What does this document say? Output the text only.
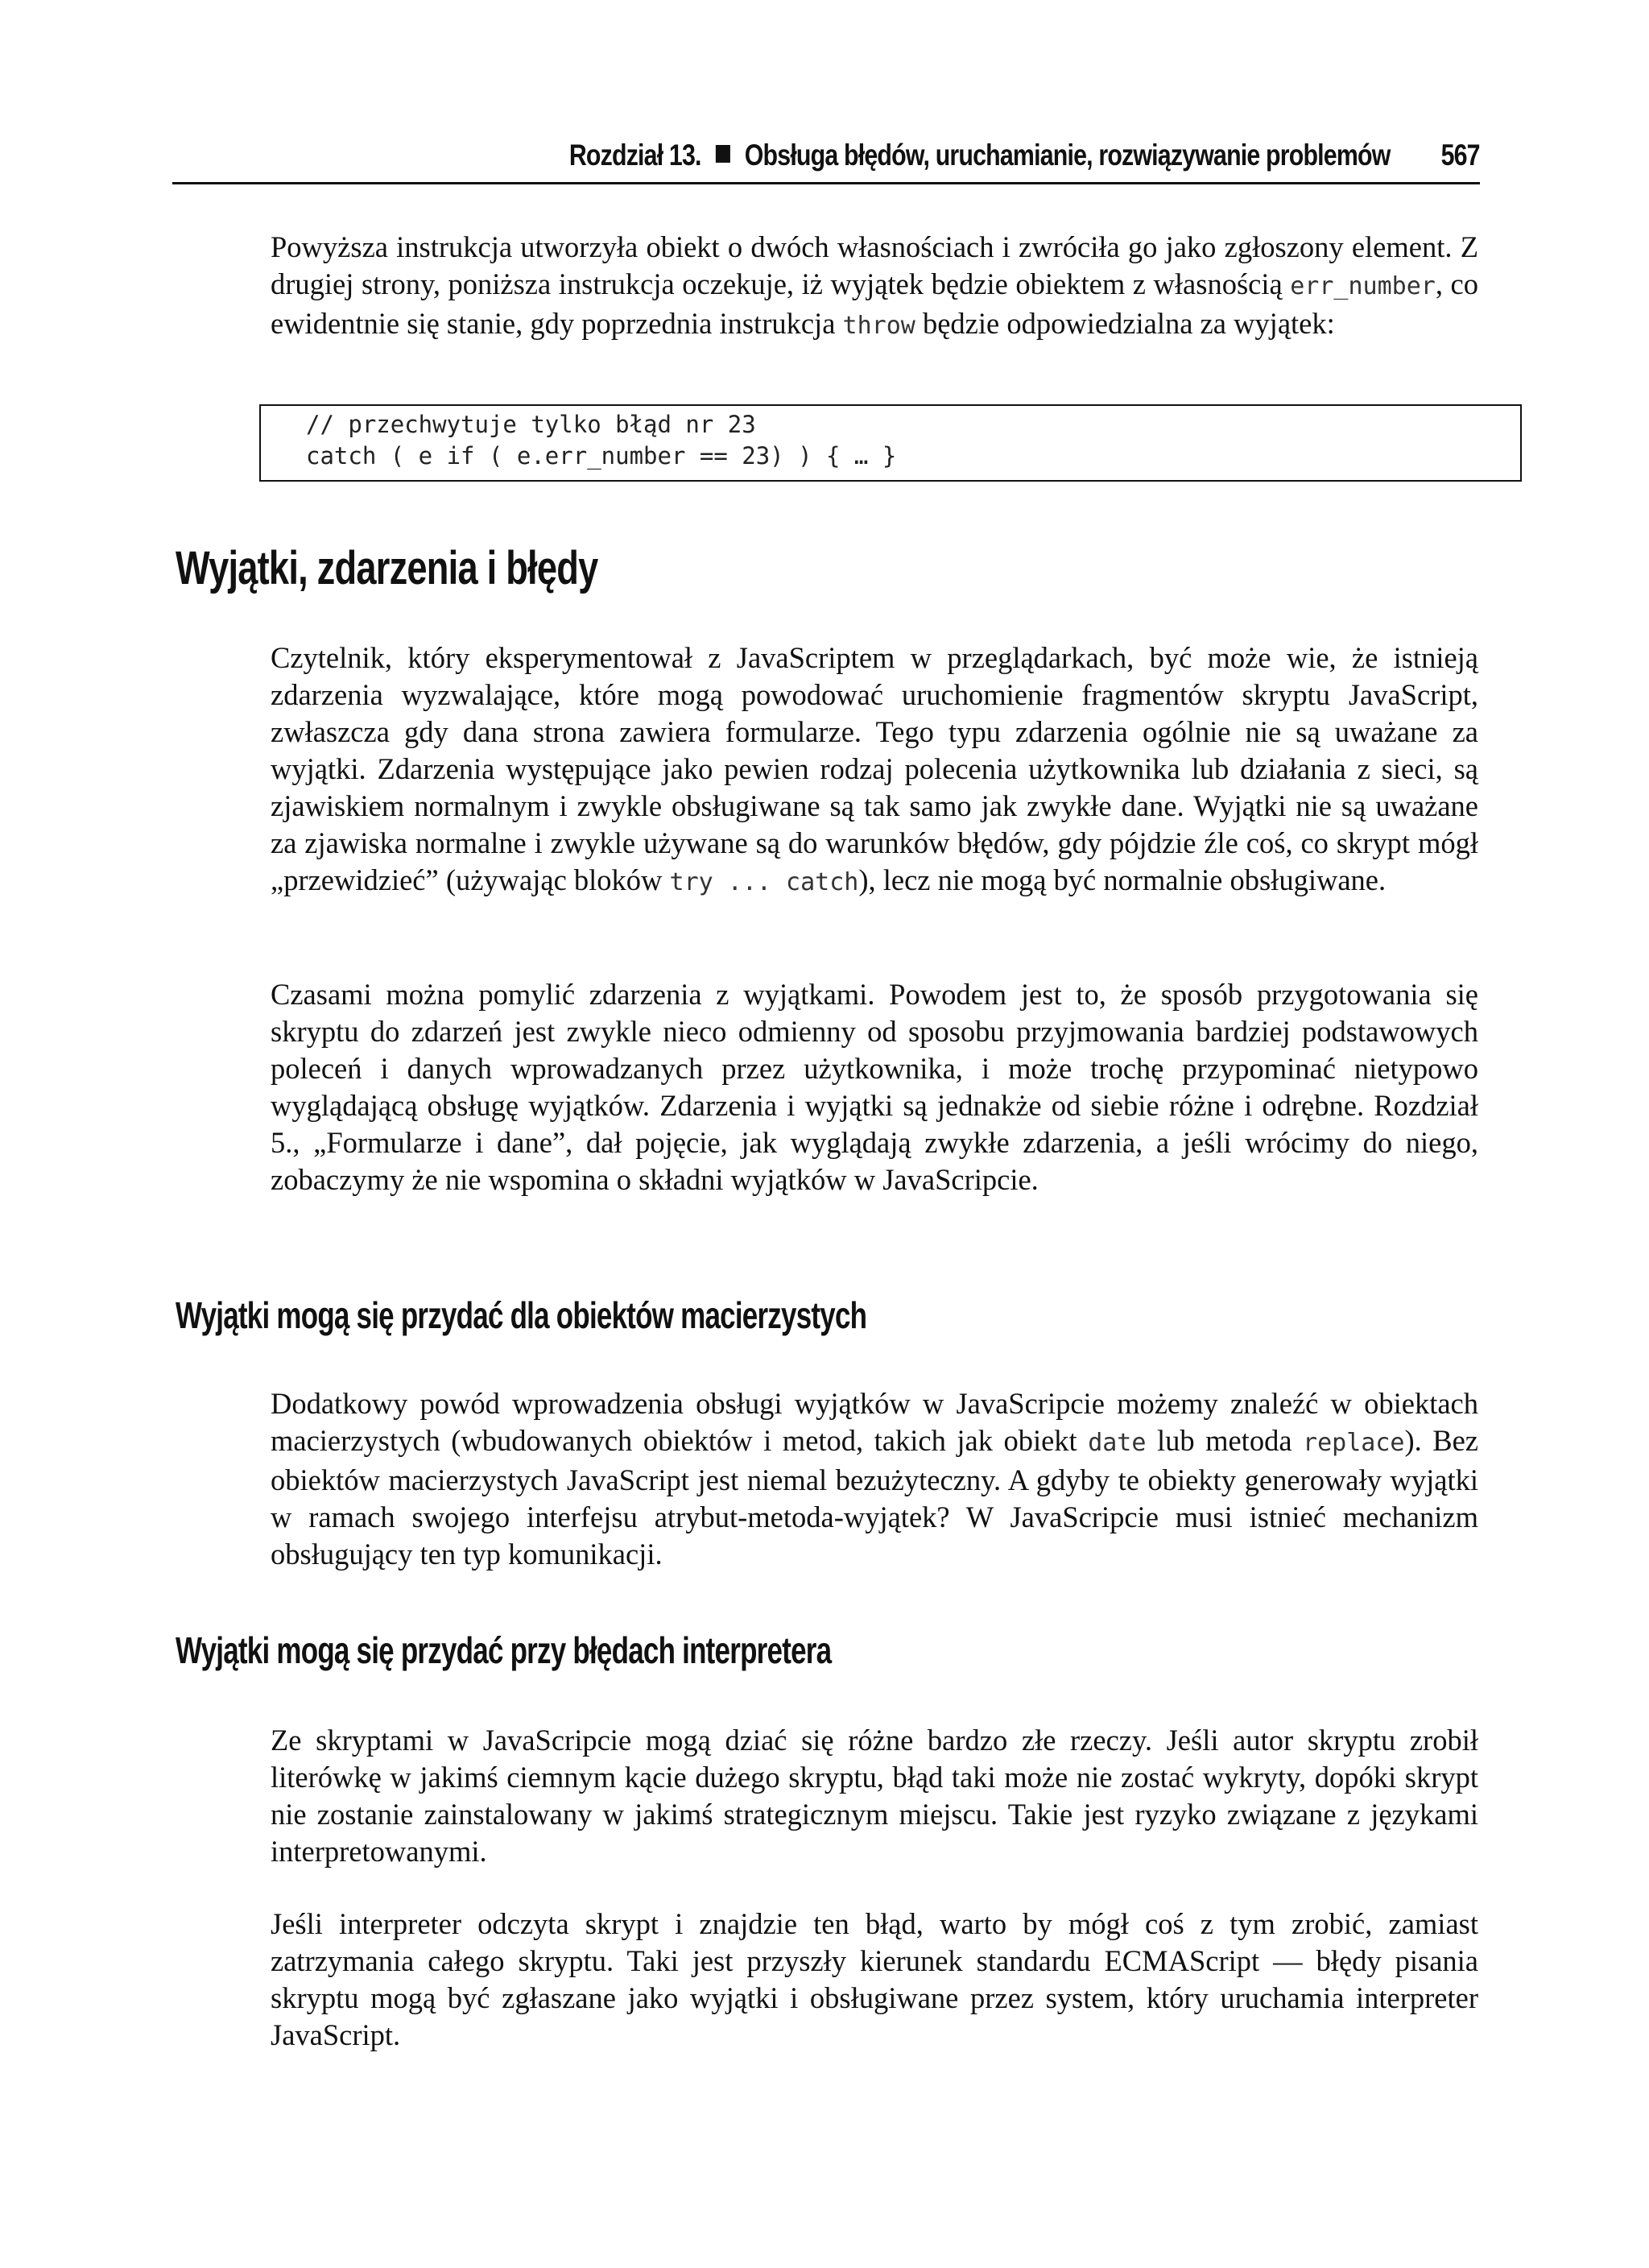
Rozdział 13. Obsługa błędów, uruchamianie, rozwiązywanie problemów 567

Powyższa instrukcja utworzyła obiekt o dwóch własnościach i zwróciła go jako zgłoszony element. Z drugiej strony, poniższa instrukcja oczekuje, iż wyjątek będzie obiektem z własnością err_number, co ewidentnie się stanie, gdy poprzednia instrukcja throw będzie odpowiedzialna za wyjątek:

// przechwytuje tylko błąd nr 23
catch ( e if ( e.err_number == 23) ) { … }
Wyjątki, zdarzenia i błędy

Czytelnik, który eksperymentował z JavaScriptem w przeglądarkach, być może wie, że istnieją zdarzenia wyzwalające, które mogą powodować uruchomienie fragmentów skryptu JavaScript, zwłaszcza gdy dana strona zawiera formularze. Tego typu zdarzenia ogólnie nie są uważane za wyjątki. Zdarzenia występujące jako pewien rodzaj polecenia użytkownika lub działania z sieci, są zjawiskiem normalnym i zwykle obsługiwane są tak samo jak zwykłe dane. Wyjątki nie są uważane za zjawiska normalne i zwykle używane są do warunków błędów, gdy pójdzie źle coś, co skrypt mógł „przewidzieć” (używając bloków try ... catch), lecz nie mogą być normalnie obsługiwane.

Czasami można pomylić zdarzenia z wyjątkami. Powodem jest to, że sposób przygotowania się skryptu do zdarzeń jest zwykle nieco odmienny od sposobu przyjmowania bardziej podstawowych poleceń i danych wprowadzanych przez użytkownika, i może trochę przypominać nietypowo wyglądającą obsługę wyjątków. Zdarzenia i wyjątki są jednakże od siebie różne i odrębne. Rozdział 5., „Formularze i dane”, dał pojęcie, jak wyglądają zwykłe zdarzenia, a jeśli wrócimy do niego, zobaczymy że nie wspomina o składni wyjątków w JavaScripcie.

Wyjątki mogą się przydać dla obiektów macierzystych

Dodatkowy powód wprowadzenia obsługi wyjątków w JavaScripcie możemy znaleźć w obiektach macierzystych (wbudowanych obiektów i metod, takich jak obiekt date lub metoda replace). Bez obiektów macierzystych JavaScript jest niemal bezużyteczny. A gdyby te obiekty generowały wyjątki w ramach swojego interfejsu atrybut-metoda-wyjątek? W JavaScripcie musi istnieć mechanizm obsługujący ten typ komunikacji.

Wyjątki mogą się przydać przy błędach interpretera

Ze skryptami w JavaScripcie mogą dziać się różne bardzo złe rzeczy. Jeśli autor skryptu zrobił literówkę w jakimś ciemnym kącie dużego skryptu, błąd taki może nie zostać wykryty, dopóki skrypt nie zostanie zainstalowany w jakimś strategicznym miejscu. Takie jest ryzyko związane z językami interpretowanymi.

Jeśli interpreter odczyta skrypt i znajdzie ten błąd, warto by mógł coś z tym zrobić, zamiast zatrzymania całego skryptu. Taki jest przyszły kierunek standardu ECMAScript — błędy pisania skryptu mogą być zgłaszane jako wyjątki i obsługiwane przez system, który uruchamia interpreter JavaScript.
